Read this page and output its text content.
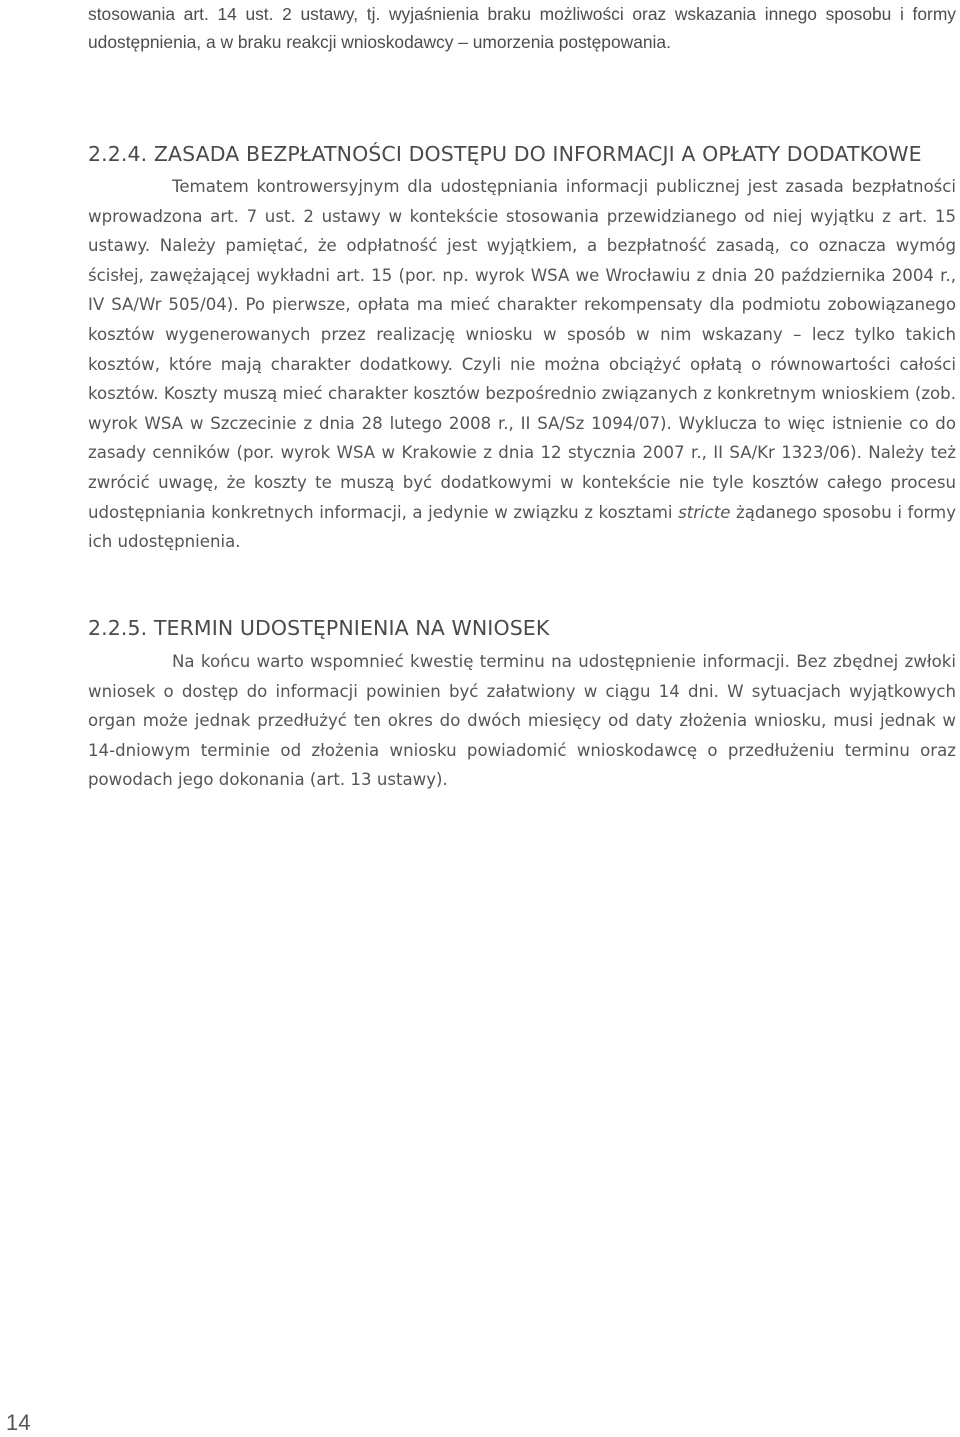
stosowania art. 14 ust. 2 ustawy, tj. wyjaśnienia braku możliwości oraz wskazania innego sposobu i formy udostępnienia, a w braku reakcji wnioskodawcy – umorzenia postępowania.

2.2.4. ZASADA BEZPŁATNOŚCI DOSTĘPU DO INFORMACJI A OPŁATY DODATKOWE

Tematem kontrowersyjnym dla udostępniania informacji publicznej jest zasada bezpłatności wprowadzona art. 7 ust. 2 ustawy w kontekście stosowania przewidzianego od niej wyjątku z art. 15 ustawy. Należy pamiętać, że odpłatność jest wyjątkiem, a bezpłatność zasadą, co oznacza wymóg ścisłej, zawężającej wykładni art. 15 (por. np. wyrok WSA we Wrocławiu z dnia 20 października 2004 r., IV SA/Wr 505/04). Po pierwsze, opłata ma mieć charakter rekompensaty dla podmiotu zobowiązanego kosztów wygenerowanych przez realizację wniosku w sposób w nim wskazany – lecz tylko takich kosztów, które mają charakter dodatkowy. Czyli nie można obciążyć opłatą o równowartości całości kosztów. Koszty muszą mieć charakter kosztów bezpośrednio związanych z konkretnym wnioskiem (zob. wyrok WSA w Szczecinie z dnia 28 lutego 2008 r., II SA/Sz 1094/07). Wyklucza to więc istnienie co do zasady cenników (por. wyrok WSA w Krakowie z dnia 12 stycznia 2007 r., II SA/Kr 1323/06). Należy też zwrócić uwagę, że koszty te muszą być dodatkowymi w kontekście nie tyle kosztów całego procesu udostępniania konkretnych informacji, a jedynie w związku z kosztami stricte żądanego sposobu i formy ich udostępnienia.

2.2.5. TERMIN UDOSTĘPNIENIA NA WNIOSEK

Na końcu warto wspomnieć kwestię terminu na udostępnienie informacji. Bez zbędnej zwłoki wniosek o dostęp do informacji powinien być załatwiony w ciągu 14 dni. W sytuacjach wyjątkowych organ może jednak przedłużyć ten okres do dwóch miesięcy od daty złożenia wniosku, musi jednak w 14-dniowym terminie od złożenia wniosku powiadomić wnioskodawcę o przedłużeniu terminu oraz powodach jego dokonania (art. 13 ustawy).

14
